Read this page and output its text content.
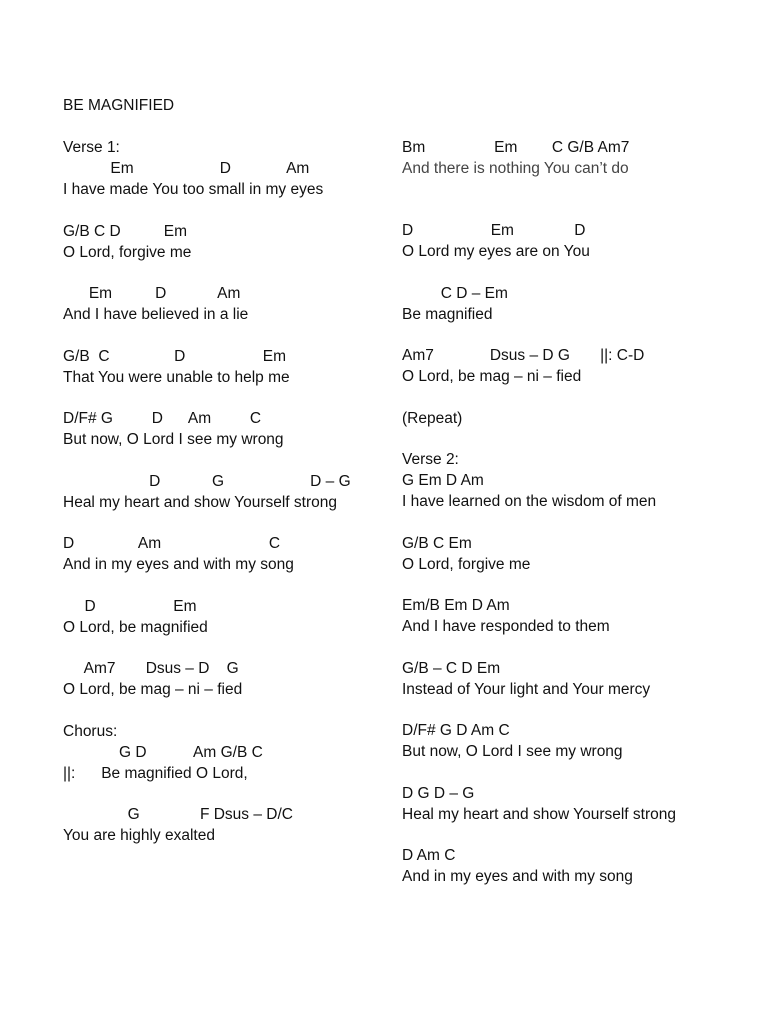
BE MAGNIFIED
Verse 1:
Em                    D             Am
I have made You too small in my eyes
G/B C D          Em
O Lord, forgive me
Em          D            Am
And I have believed in a lie
G/B  C               D                  Em
That You were unable to help me
D/F# G         D      Am         C
But now, O Lord I see my wrong
D            G                    D – G
Heal my heart and show Yourself strong
D               Am                         C
And in my eyes and with my song
D                  Em
O Lord, be magnified
Am7       Dsus – D    G
O Lord, be mag – ni – fied
Chorus:
G D           Am G/B C
||:      Be magnified O Lord,
G              F Dsus – D/C
You are highly exalted
Bm                Em        C G/B Am7
And there is nothing You can’t do
D                  Em              D
O Lord my eyes are on You
C D – Em
Be magnified
Am7             Dsus – D G       ||: C-D
O Lord, be mag – ni – fied
(Repeat)
Verse 2:
G Em D Am
I have learned on the wisdom of men
G/B C Em
O Lord, forgive me
Em/B Em D Am
And I have responded to them
G/B – C D Em
Instead of Your light and Your mercy
D/F# G D Am C
But now, O Lord I see my wrong
D G D – G
Heal my heart and show Yourself strong
D Am C
And in my eyes and with my song
